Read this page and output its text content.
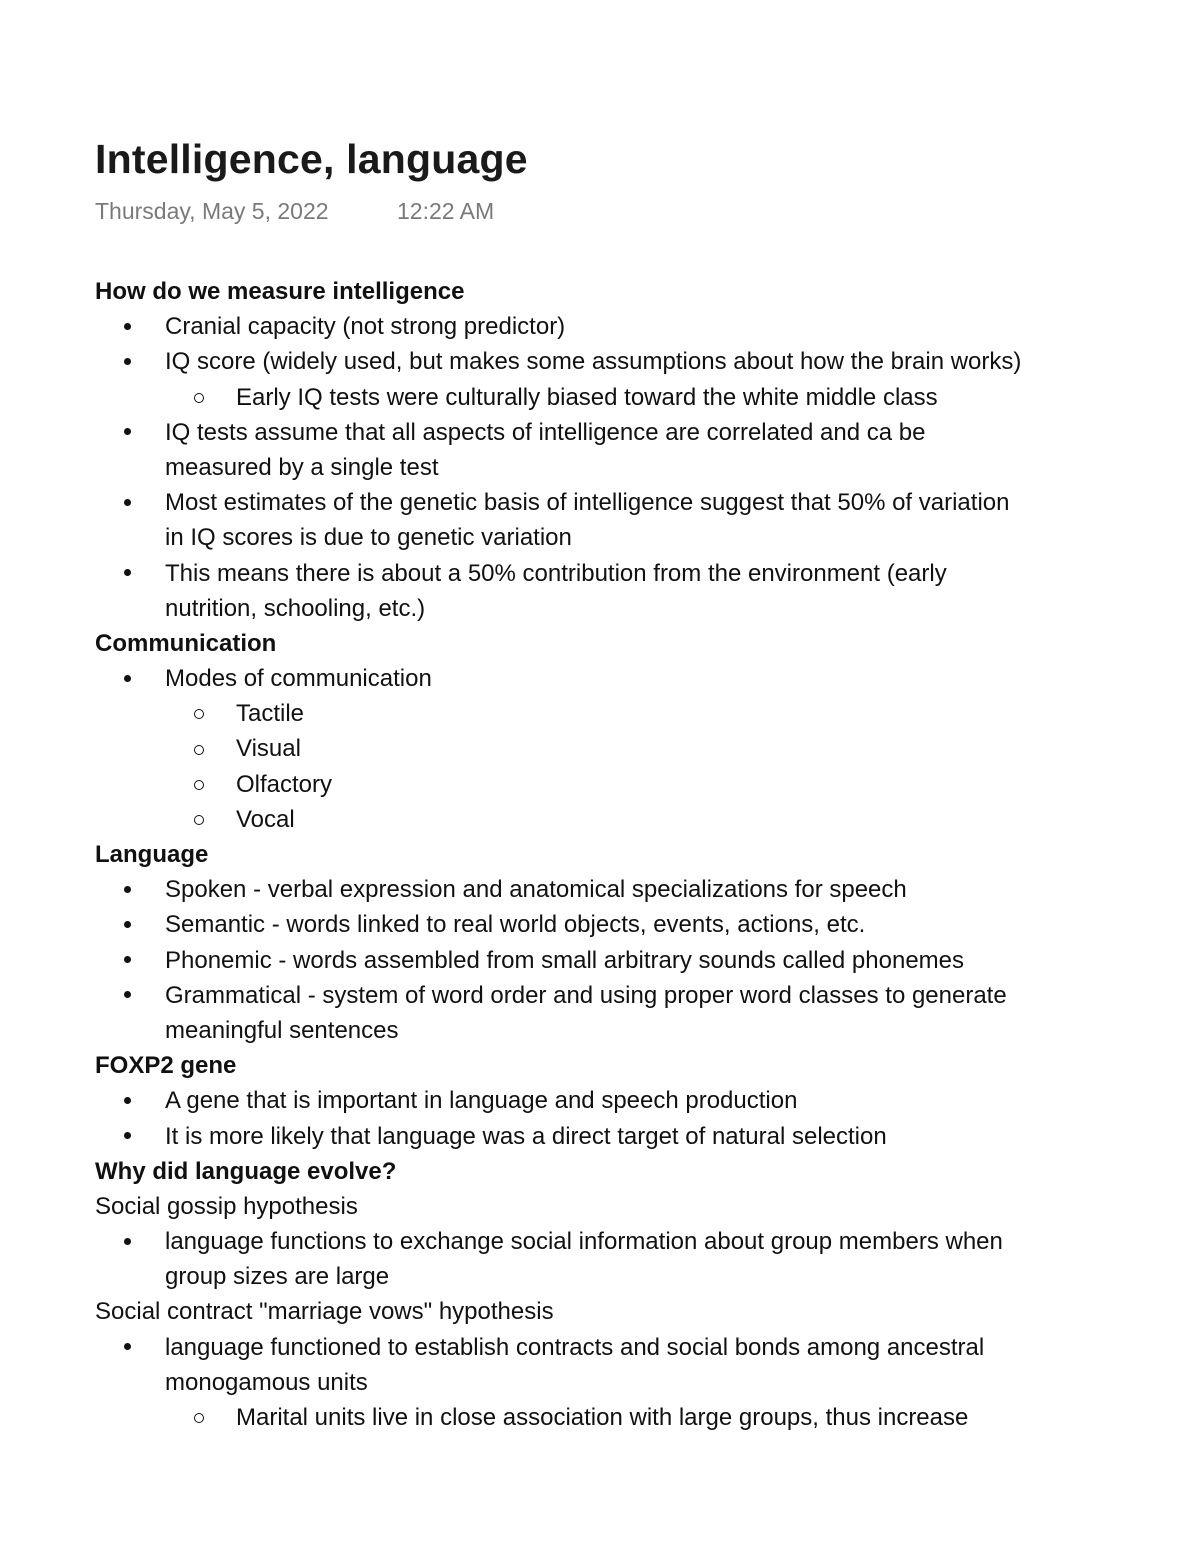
Intelligence, language
Thursday, May 5, 2022	12:22 AM
How do we measure intelligence
Cranial capacity (not strong predictor)
IQ score (widely used, but makes some assumptions about how the brain works)
Early IQ tests were culturally biased toward the white middle class
IQ tests assume that all aspects of intelligence are correlated and ca be
measured by a single test
Most estimates of the genetic basis of intelligence suggest that 50% of variation
in IQ scores is due to genetic variation
This means there is about a 50% contribution from the environment (early
nutrition, schooling, etc.)
Communication
Modes of communication
Tactile
Visual
Olfactory
Vocal
Language
Spoken - verbal expression and anatomical specializations for speech
Semantic - words linked to real world objects, events, actions, etc.
Phonemic - words assembled from small arbitrary sounds called phonemes
Grammatical - system of word order and using proper word classes to generate
meaningful sentences
FOXP2 gene
A gene that is important in language and speech production
It is more likely that language was a direct target of natural selection
Why did language evolve?
Social gossip hypothesis
language functions to exchange social information about group members when
group sizes are large
Social contract "marriage vows" hypothesis
language functioned to establish contracts and social bonds among ancestral
monogamous units
Marital units live in close association with large groups, thus increase
